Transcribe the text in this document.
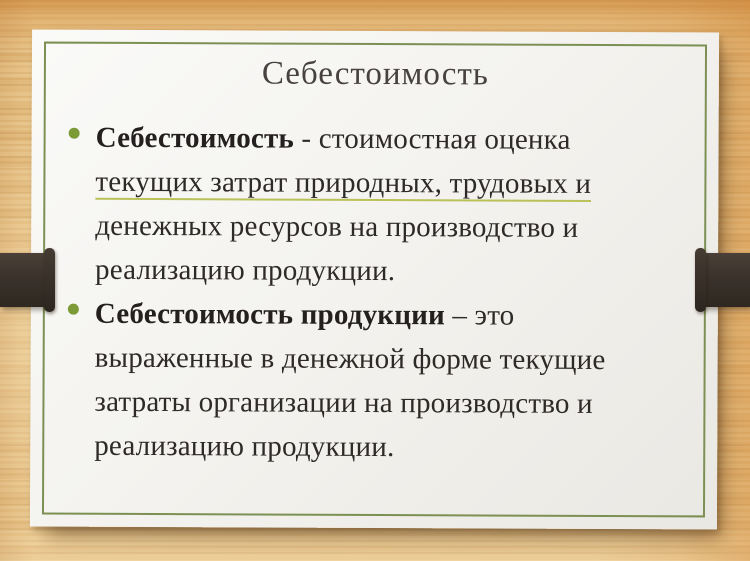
Себестоимость
Себестоимость - стоимостная оценка
текущих затрат природных, трудовых и
денежных ресурсов на производство и
реализацию продукции.
Себестоимость продукции – это
выраженные в денежной форме текущие
затраты организации на производство и
реализацию продукции.
